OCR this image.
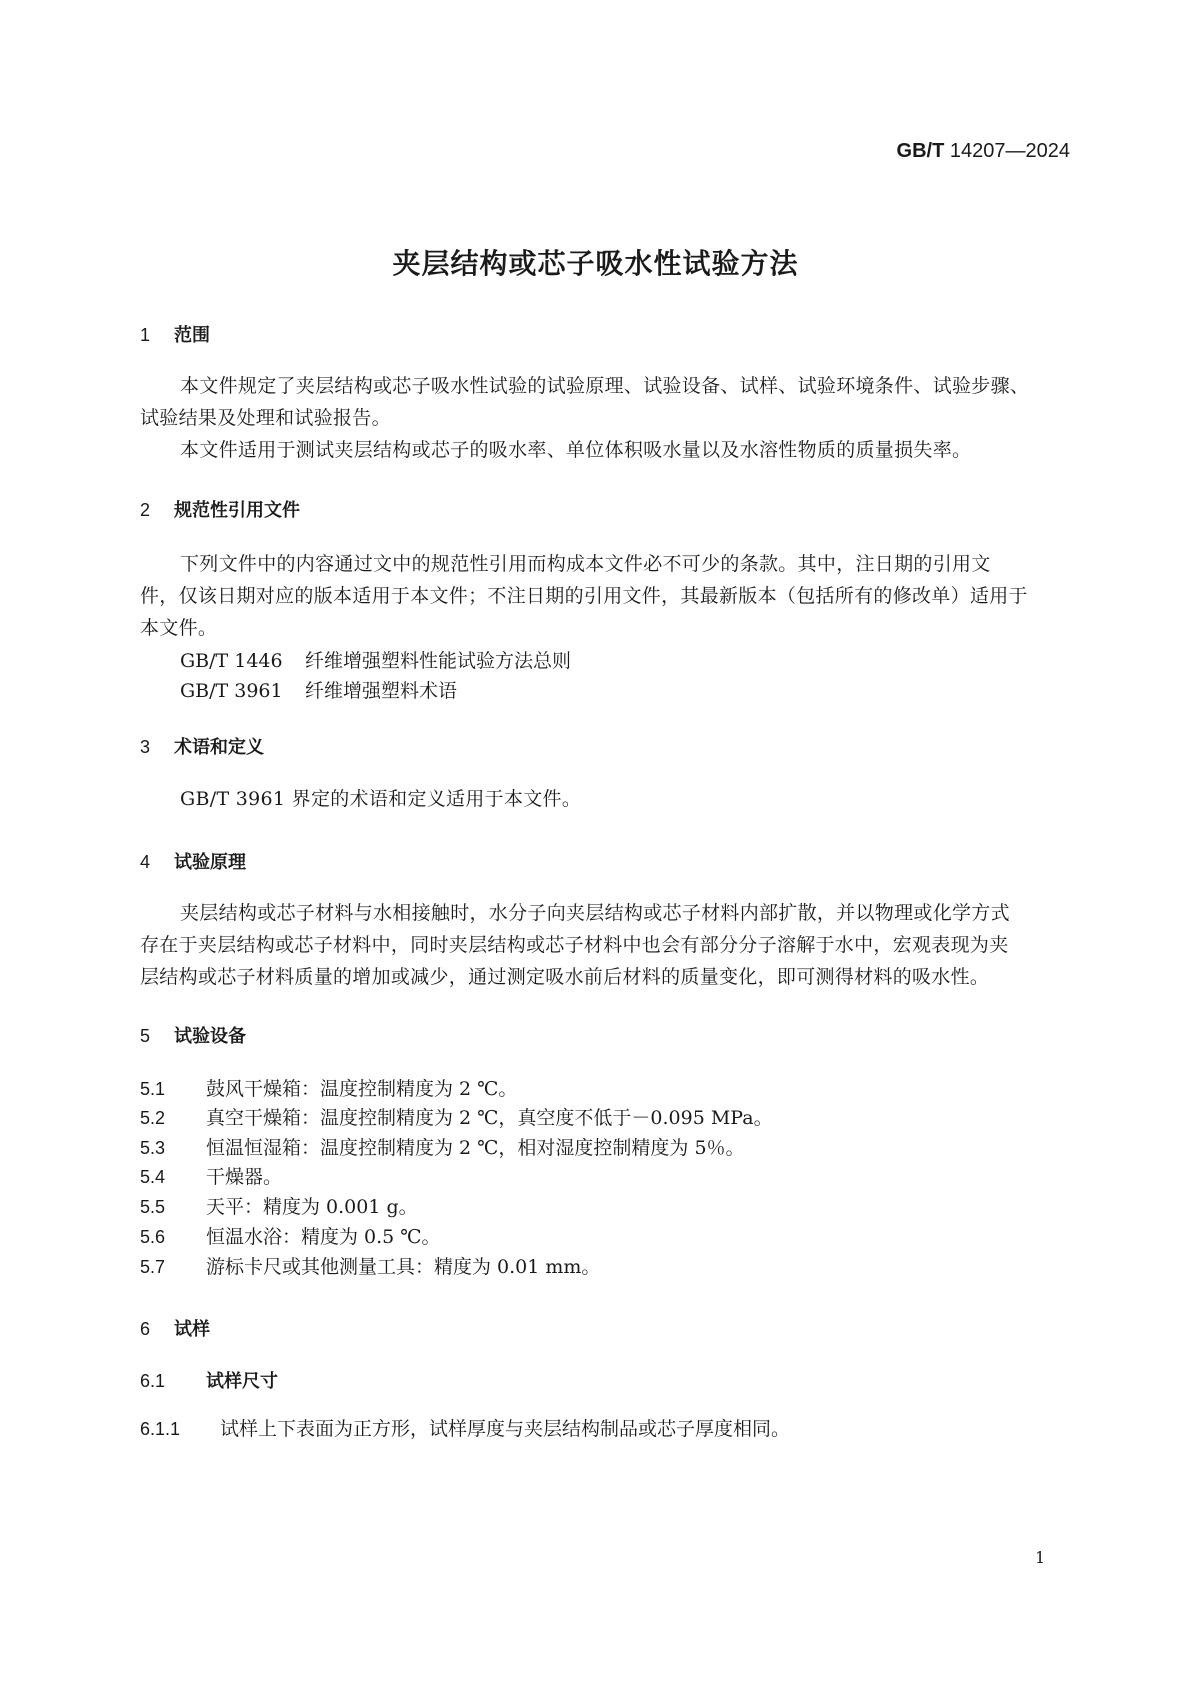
GB/T 14207—2024
夹层结构或芯子吸水性试验方法
1 范围
本文件规定了夹层结构或芯子吸水性试验的试验原理、试验设备、试样、试验环境条件、试验步骤、
试验结果及处理和试验报告。
本文件适用于测试夹层结构或芯子的吸水率、单位体积吸水量以及水溶性物质的质量损失率。
2 规范性引用文件
下列文件中的内容通过文中的规范性引用而构成本文件必不可少的条款。其中，注日期的引用文
件，仅该日期对应的版本适用于本文件；不注日期的引用文件，其最新版本（包括所有的修改单）适用于
本文件。
GB/T 1446 纤维增强塑料性能试验方法总则
GB/T 3961 纤维增强塑料术语
3 术语和定义
GB/T 3961 界定的术语和定义适用于本文件。
4 试验原理
夹层结构或芯子材料与水相接触时，水分子向夹层结构或芯子材料内部扩散，并以物理或化学方式
存在于夹层结构或芯子材料中，同时夹层结构或芯子材料中也会有部分分子溶解于水中，宏观表现为夹
层结构或芯子材料质量的增加或减少，通过测定吸水前后材料的质量变化，即可测得材料的吸水性。
5 试验设备
5.1 鼓风干燥箱：温度控制精度为 2 ℃。
5.2 真空干燥箱：温度控制精度为 2 ℃，真空度不低于－0.095 MPa。
5.3 恒温恒湿箱：温度控制精度为 2 ℃，相对湿度控制精度为 5％。
5.4 干燥器。
5.5 天平：精度为 0.001 g。
5.6 恒温水浴：精度为 0.5 ℃。
5.7 游标卡尺或其他测量工具：精度为 0.01 mm。
6 试样
6.1 试样尺寸
6.1.1 试样上下表面为正方形，试样厚度与夹层结构制品或芯子厚度相同。
1
